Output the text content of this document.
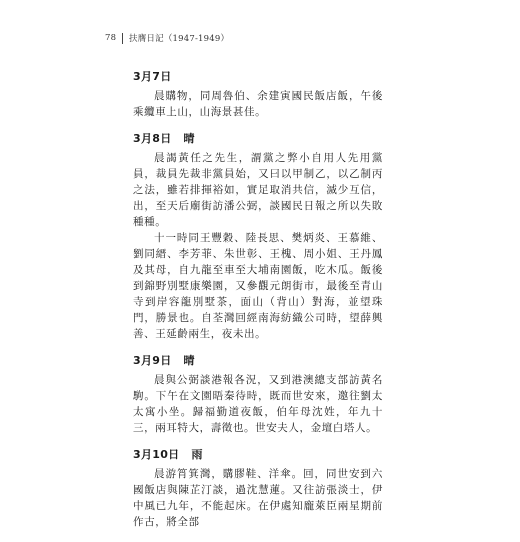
78 扶膺日記（1947-1949）
3月7日

晨購物，同周魯伯、余建寅國民飯店飯，午後乘纜車上山，山海景甚佳。

3月8日 晴

晨謁黃任之先生，謂黨之弊小自用人先用黨員，裁員先裁非黨員始，又曰以甲制乙，以乙制丙之法，雖若排揮裕如，實足取消共信，滅少互信，出，至天后廟街訪潘公弼，談國民日報之所以失敗種種。

十一時同王豐穀、陸長思、樊炳炎、王慕維、劉同縉、李芳菲、朱世彰、王槐、周小姐、王丹鳳及其母，自九龍至車至大埔南園飯，吃木瓜。飯後到錦野別墅康樂園，又參觀元朗街市，最後至青山寺到岸容龍別墅茶，面山（背山）對海，並望珠門，勝景也。自荃灣回經南海紡織公司時，望薛興善、王延齡兩生，夜未出。

3月9日 晴

晨與公弼談港報各況，又到港澳總支部訪黃名駒。下午在文園晤秦待時，既而世安來，邀往劉太太寓小坐。歸福勤道夜飯，伯年母沈姓，年九十三，兩耳特大，壽徵也。世安夫人，金壇白塔人。

3月10日 雨

晨游筲箕灣，購膠鞋、洋傘。回，同世安到六國飯店與陳芷汀談，過沈慧蓮。又往訪張淡士，伊中風已九年，不能起床。在伊處知龐萊臣兩星期前作古，將全部
